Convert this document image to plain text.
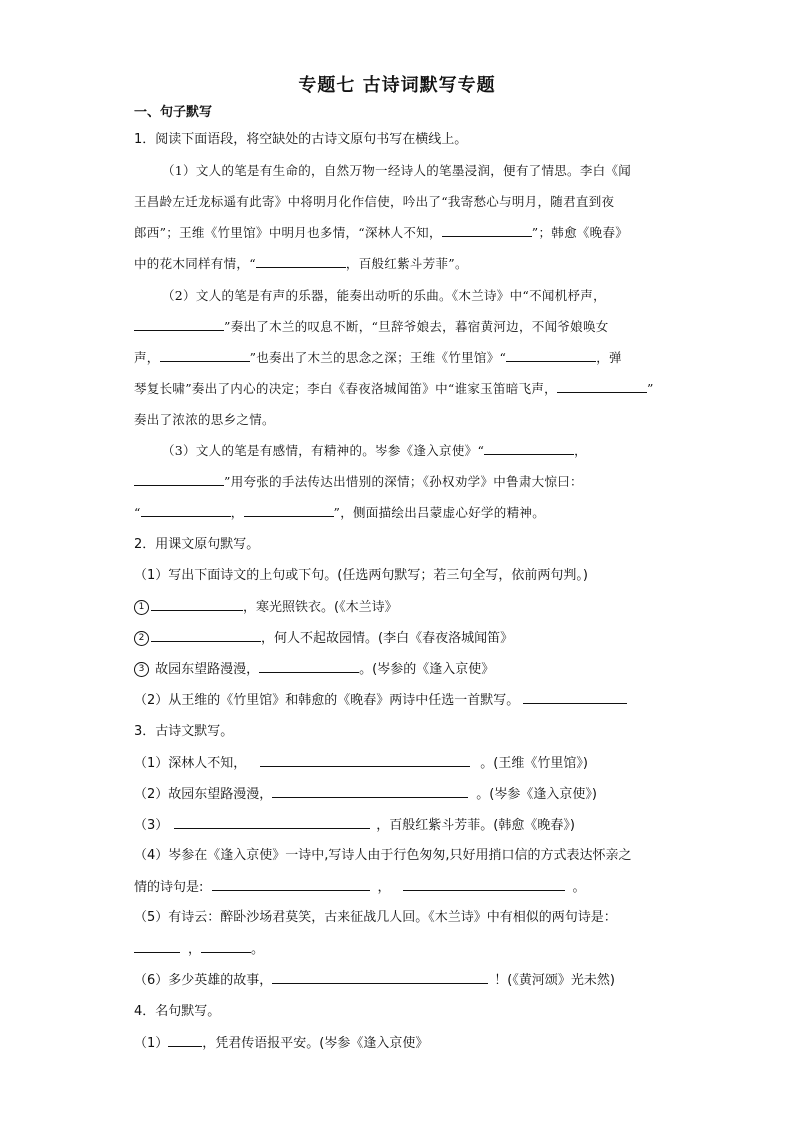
专题七 古诗词默写专题
一、句子默写
1．阅读下面语段，将空缺处的古诗文原句书写在横线上。
（1）文人的笔是有生命的，自然万物一经诗人的笔墨浸润，便有了情思。李白《闻
王昌龄左迁龙标遥有此寄》中将明月化作信使，吟出了“我寄愁心与明月，随君直到夜
郎西”；王维《竹里馆》中明月也多情，“深林人不知，	”；韩愈《晚春》
中的花木同样有情，“	，百般红紫斗芳菲”。
（2）文人的笔是有声的乐器，能奏出动听的乐曲。《木兰诗》中“不闻机杼声，
”奏出了木兰的叹息不断，“旦辞爷娘去，暮宿黄河边，不闻爷娘唤女
声，	”也奏出了木兰的思念之深；王维《竹里馆》“	，弹
琴复长啸”奏出了内心的决定；李白《春夜洛城闻笛》中“谁家玉笛暗飞声，	”
奏出了浓浓的思乡之情。
（3）文人的笔是有感情，有精神的。岑参《逢入京使》“	，
”用夸张的手法传达出惜别的深情；《孙权劝学》中鲁肃大惊曰：
“	，	”，侧面描绘出吕蒙虚心好学的精神。
2．用课文原句默写。
（1）写出下面诗文的上句或下句。(任选两句默写；若三句全写，依前两句判。)
1	，寒光照铁衣。(《木兰诗》
2	，何人不起故园情。(李白《春夜洛城闻笛》
3 故园东望路漫漫，	。(岑参的《逢入京使》
（2）从王维的《竹里馆》和韩愈的《晚春》两诗中任选一首默写。
3．古诗文默写。
（1）深林人不知，	。(王维《竹里馆》)
（2）故园东望路漫漫，	。(岑参《逢入京使》)
（3）	，百般红紫斗芳菲。(韩愈《晚春》)
（4）岑参在《逢入京使》一诗中,写诗人由于行色匆匆,只好用捎口信的方式表达怀亲之
情的诗句是:	，	。
（5）有诗云：醉卧沙场君莫笑，古来征战几人回。《木兰诗》中有相似的两句诗是：
，	。
（6）多少英雄的故事，	！(《黄河颂》光未然)
4．名句默写。
（1）	，凭君传语报平安。(岑参《逢入京使》
